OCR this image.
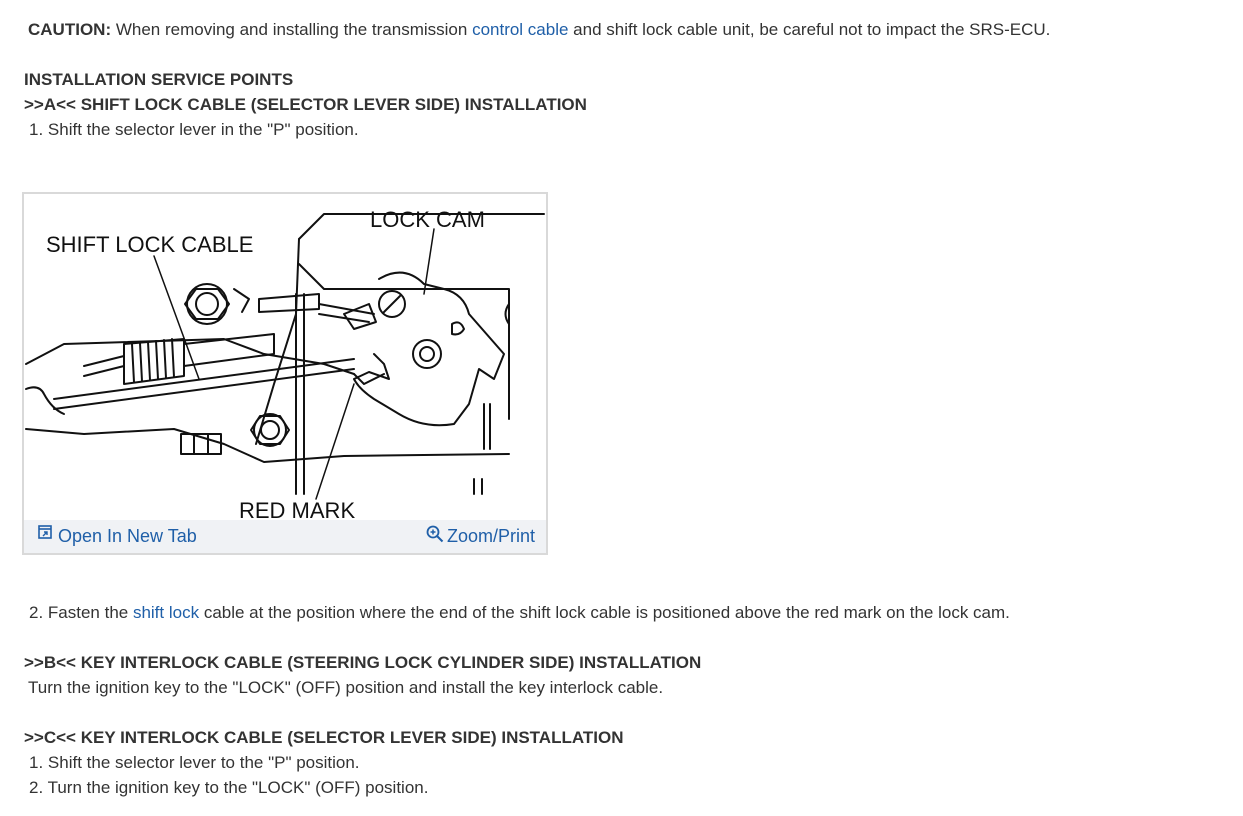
CAUTION: When removing and installing the transmission control cable and shift lock cable unit, be careful not to impact the SRS-ECU.
INSTALLATION SERVICE POINTS
>>A<< SHIFT LOCK CABLE (SELECTOR LEVER SIDE) INSTALLATION
1. Shift the selector lever in the "P" position.
LOCK CAM
SHIFT LOCK CABLE
RED MARK
Open In New Tab	Zoom/Print
2. Fasten the shift lock cable at the position where the end of the shift lock cable is positioned above the red mark on the lock cam.
>>B<< KEY INTERLOCK CABLE (STEERING LOCK CYLINDER SIDE) INSTALLATION
Turn the ignition key to the "LOCK" (OFF) position and install the key interlock cable.
>>C<< KEY INTERLOCK CABLE (SELECTOR LEVER SIDE) INSTALLATION
1. Shift the selector lever to the "P" position.
2. Turn the ignition key to the "LOCK" (OFF) position.
